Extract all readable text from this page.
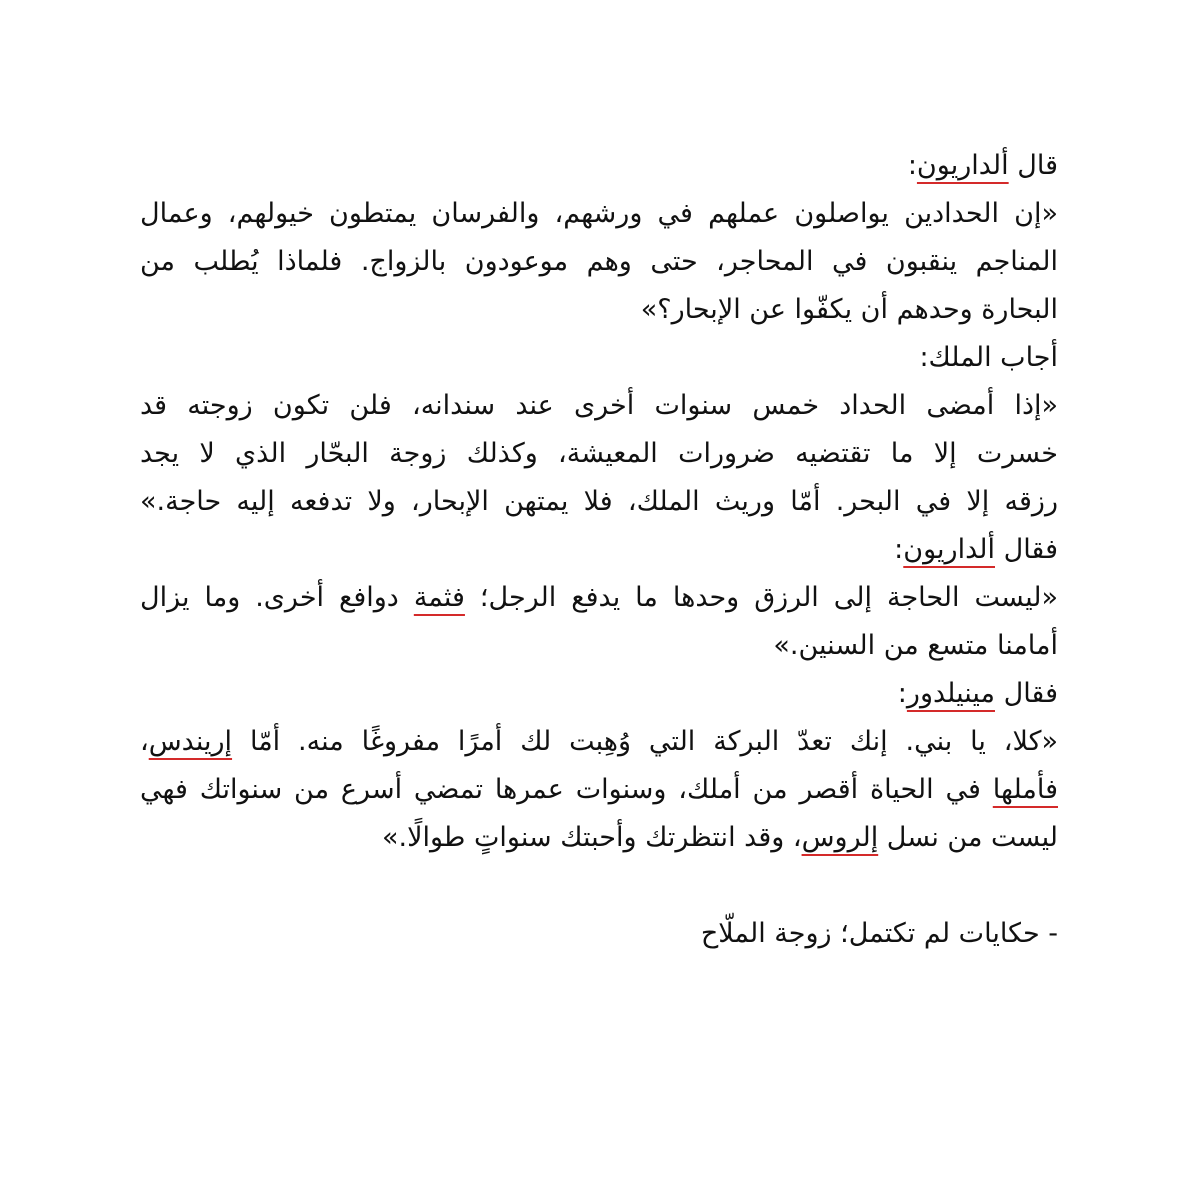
قال ألداريون:
«إن الحدادين يواصلون عملهم في ورشهم، والفرسان يمتطون خيولهم، وعمال
المناجم ينقبون في المحاجر، حتى وهم موعودون بالزواج. فلماذا يُطلب من
البحارة وحدهم أن يكفّوا عن الإبحار؟»
أجاب الملك:
«إذا أمضى الحداد خمس سنوات أخرى عند سندانه، فلن تكون زوجته قد
خسرت إلا ما تقتضيه ضرورات المعيشة، وكذلك زوجة البحّار الذي لا يجد
رزقه إلا في البحر. أمّا وريث الملك، فلا يمتهن الإبحار، ولا تدفعه إليه حاجة.»
فقال ألداريون:
«ليست الحاجة إلى الرزق وحدها ما يدفع الرجل؛ فثمة دوافع أخرى. وما يزال
أمامنا متسع من السنين.»
فقال مينيلدور:
«كلا، يا بني. إنك تعدّ البركة التي وُهِبت لك أمرًا مفروغًا منه. أمّا إريندس،
فأملها في الحياة أقصر من أملك، وسنوات عمرها تمضي أسرع من سنواتك فهي
ليست من نسل إلروس، وقد انتظرتك وأحبتك سنواتٍ طوالًا.»
- حكايات لم تكتمل؛ زوجة الملّاح
